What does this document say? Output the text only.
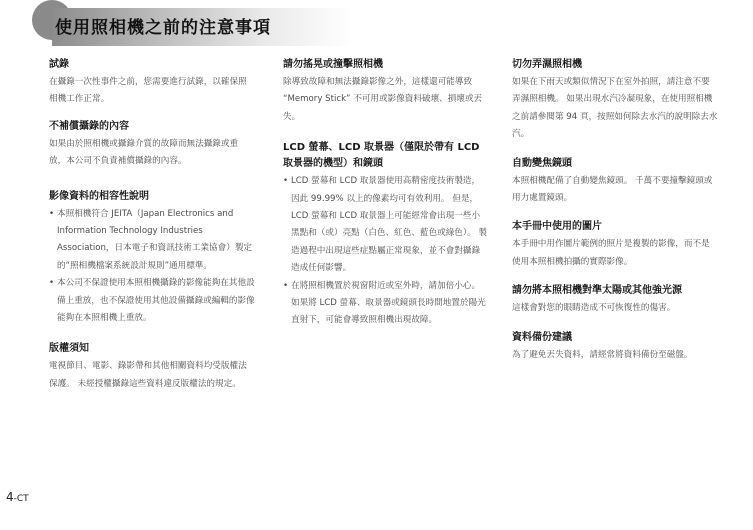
使用照相機之前的注意事項
試錄

在攝錄一次性事件之前，您需要進行試錄，以確保照相機工作正常。

不補償攝錄的內容

如果由於照相機或攝錄介質的故障而無法攝錄或重放，本公司不負責補償攝錄的內容。

影像資料的相容性說明
• 本照相機符合 JEITA（Japan Electronics and Information Technology Industries Association，日本電子和資訊技術工業協會）製定的“照相機檔案系統設計規則”通用標準。
• 本公司不保證使用本照相機攝錄的影像能夠在其他設備上重放，也不保證使用其他設備攝錄或編輯的影像能夠在本照相機上重放。
版權須知

電視節目、電影、錄影帶和其他相關資料均受版權法保護。 未經授權攝錄這些資料違反版權法的規定。

請勿搖晃或撞擊照相機

除導致故障和無法攝錄影像之外，這樣還可能導致 “Memory Stick” 不可用或影像資料破壞、損壞或丟失。

LCD 螢幕、LCD 取景器（僅限於帶有 LCD 取景器的機型）和鏡頭
• LCD 螢幕和 LCD 取景器使用高精密度技術製造，因此 99.99% 以上的像素均可有效利用。 但是，LCD 螢幕和 LCD 取景器上可能經常會出現一些小黑點和（或）亮點（白色、紅色、藍色或綠色）。 製造過程中出現這些症點屬正常現象，並不會對攝錄造成任何影響。
• 在將照相機置於視窗附近或室外時，請加倍小心。 如果將 LCD 螢幕、取景器或鏡頭長時間地置於陽光直射下，可能會導致照相機出現故障。
切勿弄濕照相機

如果在下雨天或類似情況下在室外拍照，請注意不要弄濕照相機。 如果出現水汽冷凝現象，在使用照相機之前請參閱第 94 頁，按照如何除去水汽的說明除去水汽。

自動變焦鏡頭

本照相機配備了自動變焦鏡頭。 千萬不要撞擊鏡頭或用力處置鏡頭。

本手冊中使用的圖片

本手冊中用作圖片範例的照片是複製的影像，而不是使用本照相機拍攝的實際影像。

請勿將本照相機對準太陽或其他強光源

這樣會對您的眼睛造成不可恢復性的傷害。

資料備份建議

為了避免丟失資料，請經常將資料備份至磁盤。

4-CT
